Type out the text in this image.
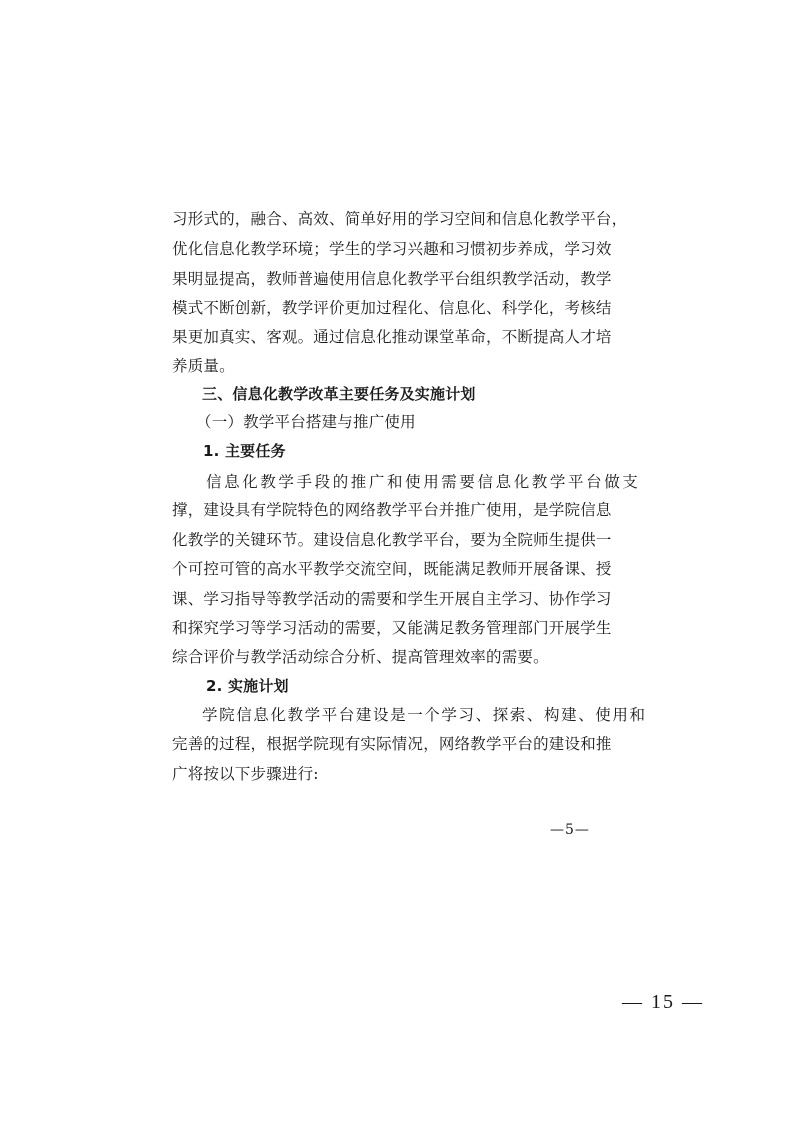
习形式的，融合、高效、简单好用的学习空间和信息化教学平台，
优化信息化教学环境；学生的学习兴趣和习惯初步养成，学习效
果明显提高，教师普遍使用信息化教学平台组织教学活动，教学
模式不断创新，教学评价更加过程化、信息化、科学化，考核结
果更加真实、客观。通过信息化推动课堂革命，不断提高人才培
养质量。
三、信息化教学改革主要任务及实施计划
（一）教学平台搭建与推广使用
1. 主要任务
信息化教学手段的推广和使用需要信息化教学平台做支
撑，建设具有学院特色的网络教学平台并推广使用，是学院信息
化教学的关键环节。建设信息化教学平台，要为全院师生提供一
个可控可管的高水平教学交流空间，既能满足教师开展备课、授
课、学习指导等教学活动的需要和学生开展自主学习、协作学习
和探究学习等学习活动的需要，又能满足教务管理部门开展学生
综合评价与教学活动综合分析、提高管理效率的需要。
2. 实施计划
学院信息化教学平台建设是一个学习、探索、构建、使用和
完善的过程，根据学院现有实际情况，网络教学平台的建设和推
广将按以下步骤进行:
—5—
— 15 —
